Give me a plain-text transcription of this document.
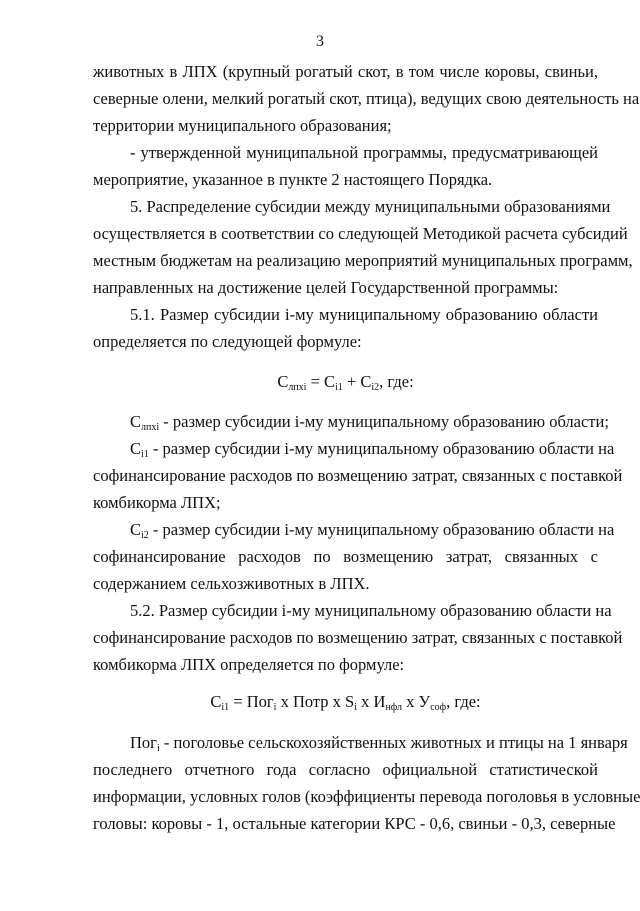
3
животных в ЛПХ (крупный рогатый скот, в том числе коровы, свиньи,
северные олени, мелкий рогатый скот, птица), ведущих свою деятельность на
территории муниципального образования;
- утвержденной муниципальной программы, предусматривающей
мероприятие, указанное в пункте 2 настоящего Порядка.
5. Распределение субсидии между муниципальными образованиями
осуществляется в соответствии со следующей Методикой расчета субсидий
местным бюджетам на реализацию мероприятий муниципальных программ,
направленных на достижение целей Государственной программы:
5.1. Размер субсидии i-му муниципальному образованию области
определяется по следующей формуле:
$C_{лпхi} = C_{i1} + C_{i2}$, где:
$C_{лпхi}$ - размер субсидии i-му муниципальному образованию области;
$C_{i1}$ - размер субсидии i-му муниципальному образованию области на
софинансирование расходов по возмещению затрат, связанных с поставкой
комбикорма ЛПХ;
$C_{i2}$ - размер субсидии i-му муниципальному образованию области на
софинансирование расходов по возмещению затрат, связанных с
содержанием сельхозживотных в ЛПХ.
5.2. Размер субсидии i-му муниципальному образованию области на
софинансирование расходов по возмещению затрат, связанных с поставкой
комбикорма ЛПХ определяется по формуле:
$C_{i1} = Пог_i$ x Потр x $S_i$ x $И_{нфл}$ x $У_{соф}$, где:
Пог$_i$ - поголовье сельскохозяйственных животных и птицы на 1 января
последнего отчетного года согласно официальной статистической
информации, условных голов (коэффициенты перевода поголовья в условные
головы: коровы - 1, остальные категории КРС - 0,6, свиньи - 0,3, северные
